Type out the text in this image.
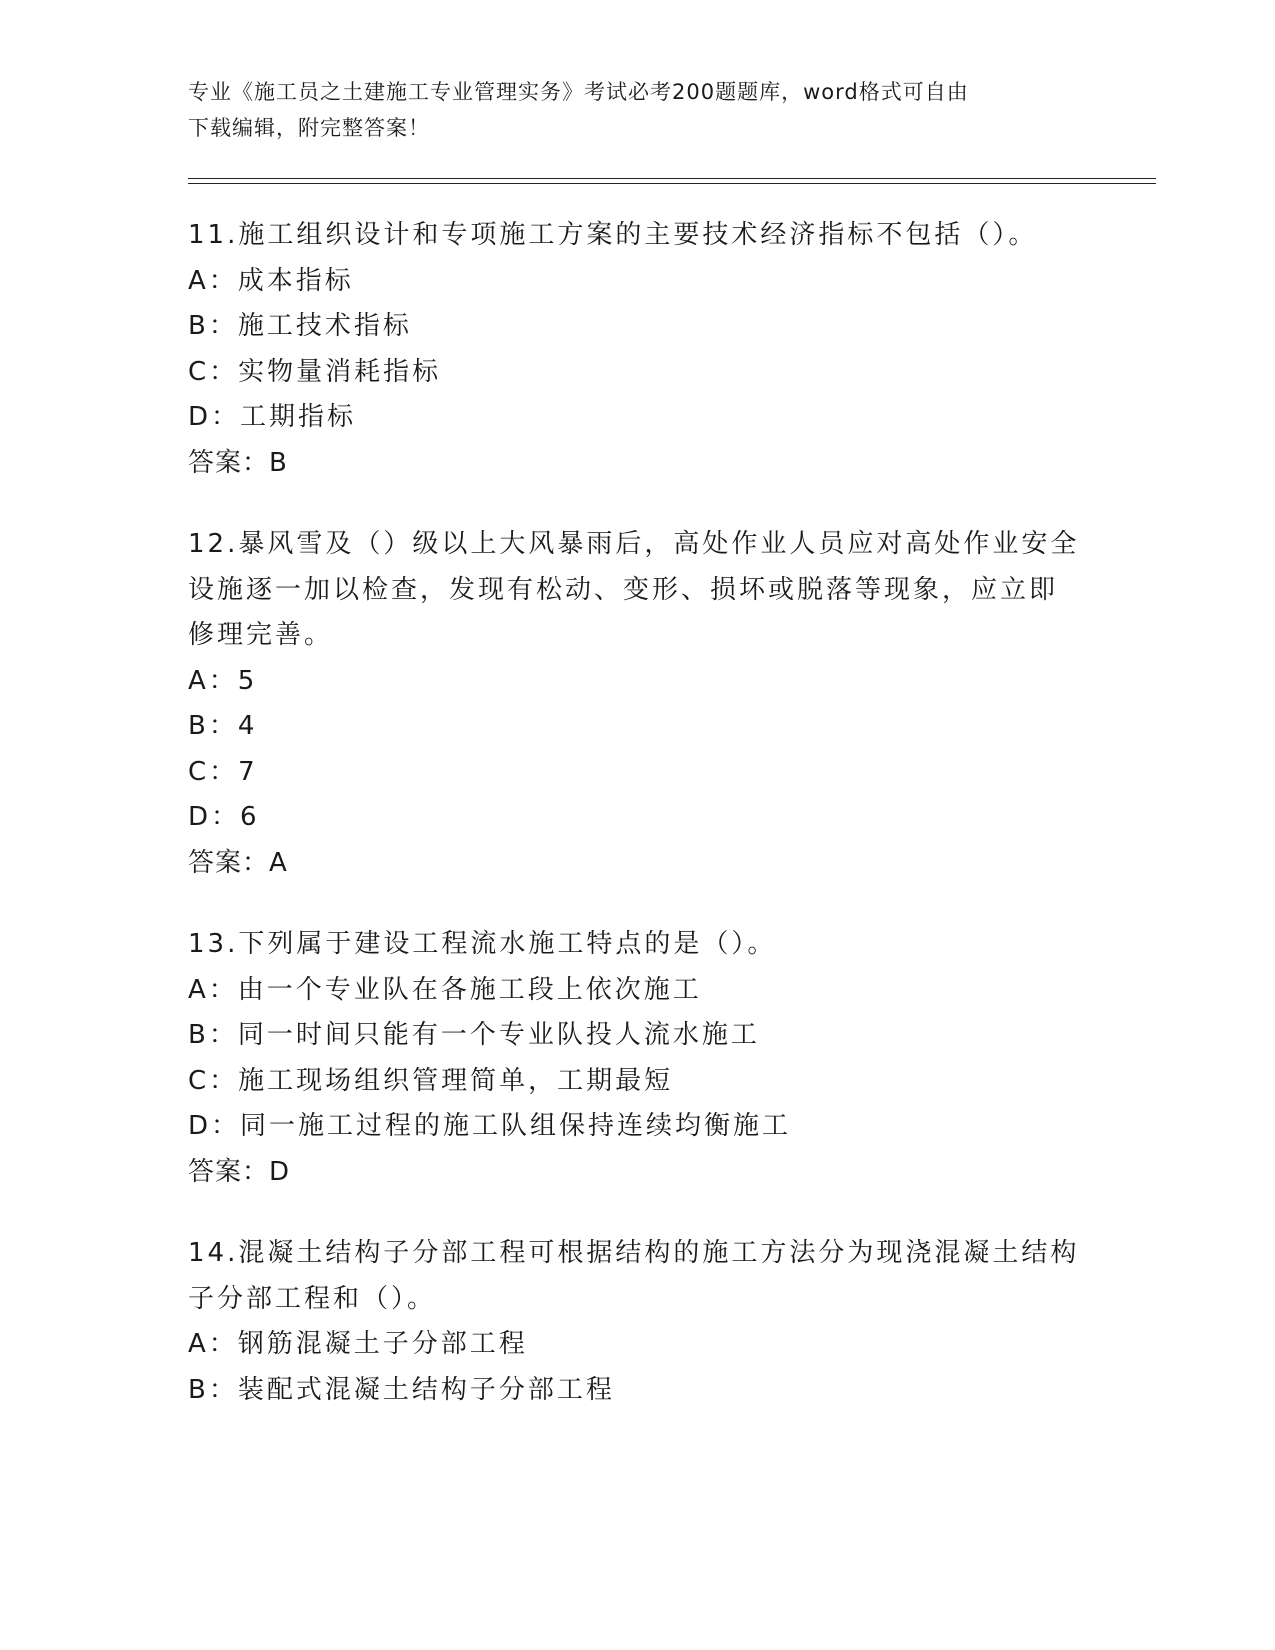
专业《施工员之土建施工专业管理实务》考试必考200题题库，word格式可自由
下载编辑，附完整答案！
11.施工组织设计和专项施工方案的主要技术经济指标不包括（）。
A：成本指标
B：施工技术指标
C：实物量消耗指标
D：工期指标
答案：B
12.暴风雪及（）级以上大风暴雨后，高处作业人员应对高处作业安全
设施逐一加以检查，发现有松动、变形、损坏或脱落等现象，应立即
修理完善。
A：5
B：4
C：7
D：6
答案：A
13.下列属于建设工程流水施工特点的是（）。
A：由一个专业队在各施工段上依次施工
B：同一时间只能有一个专业队投人流水施工
C：施工现场组织管理简单，工期最短
D：同一施工过程的施工队组保持连续均衡施工
答案：D
14.混凝土结构子分部工程可根据结构的施工方法分为现浇混凝土结构
子分部工程和（）。
A：钢筋混凝土子分部工程
B：装配式混凝土结构子分部工程
